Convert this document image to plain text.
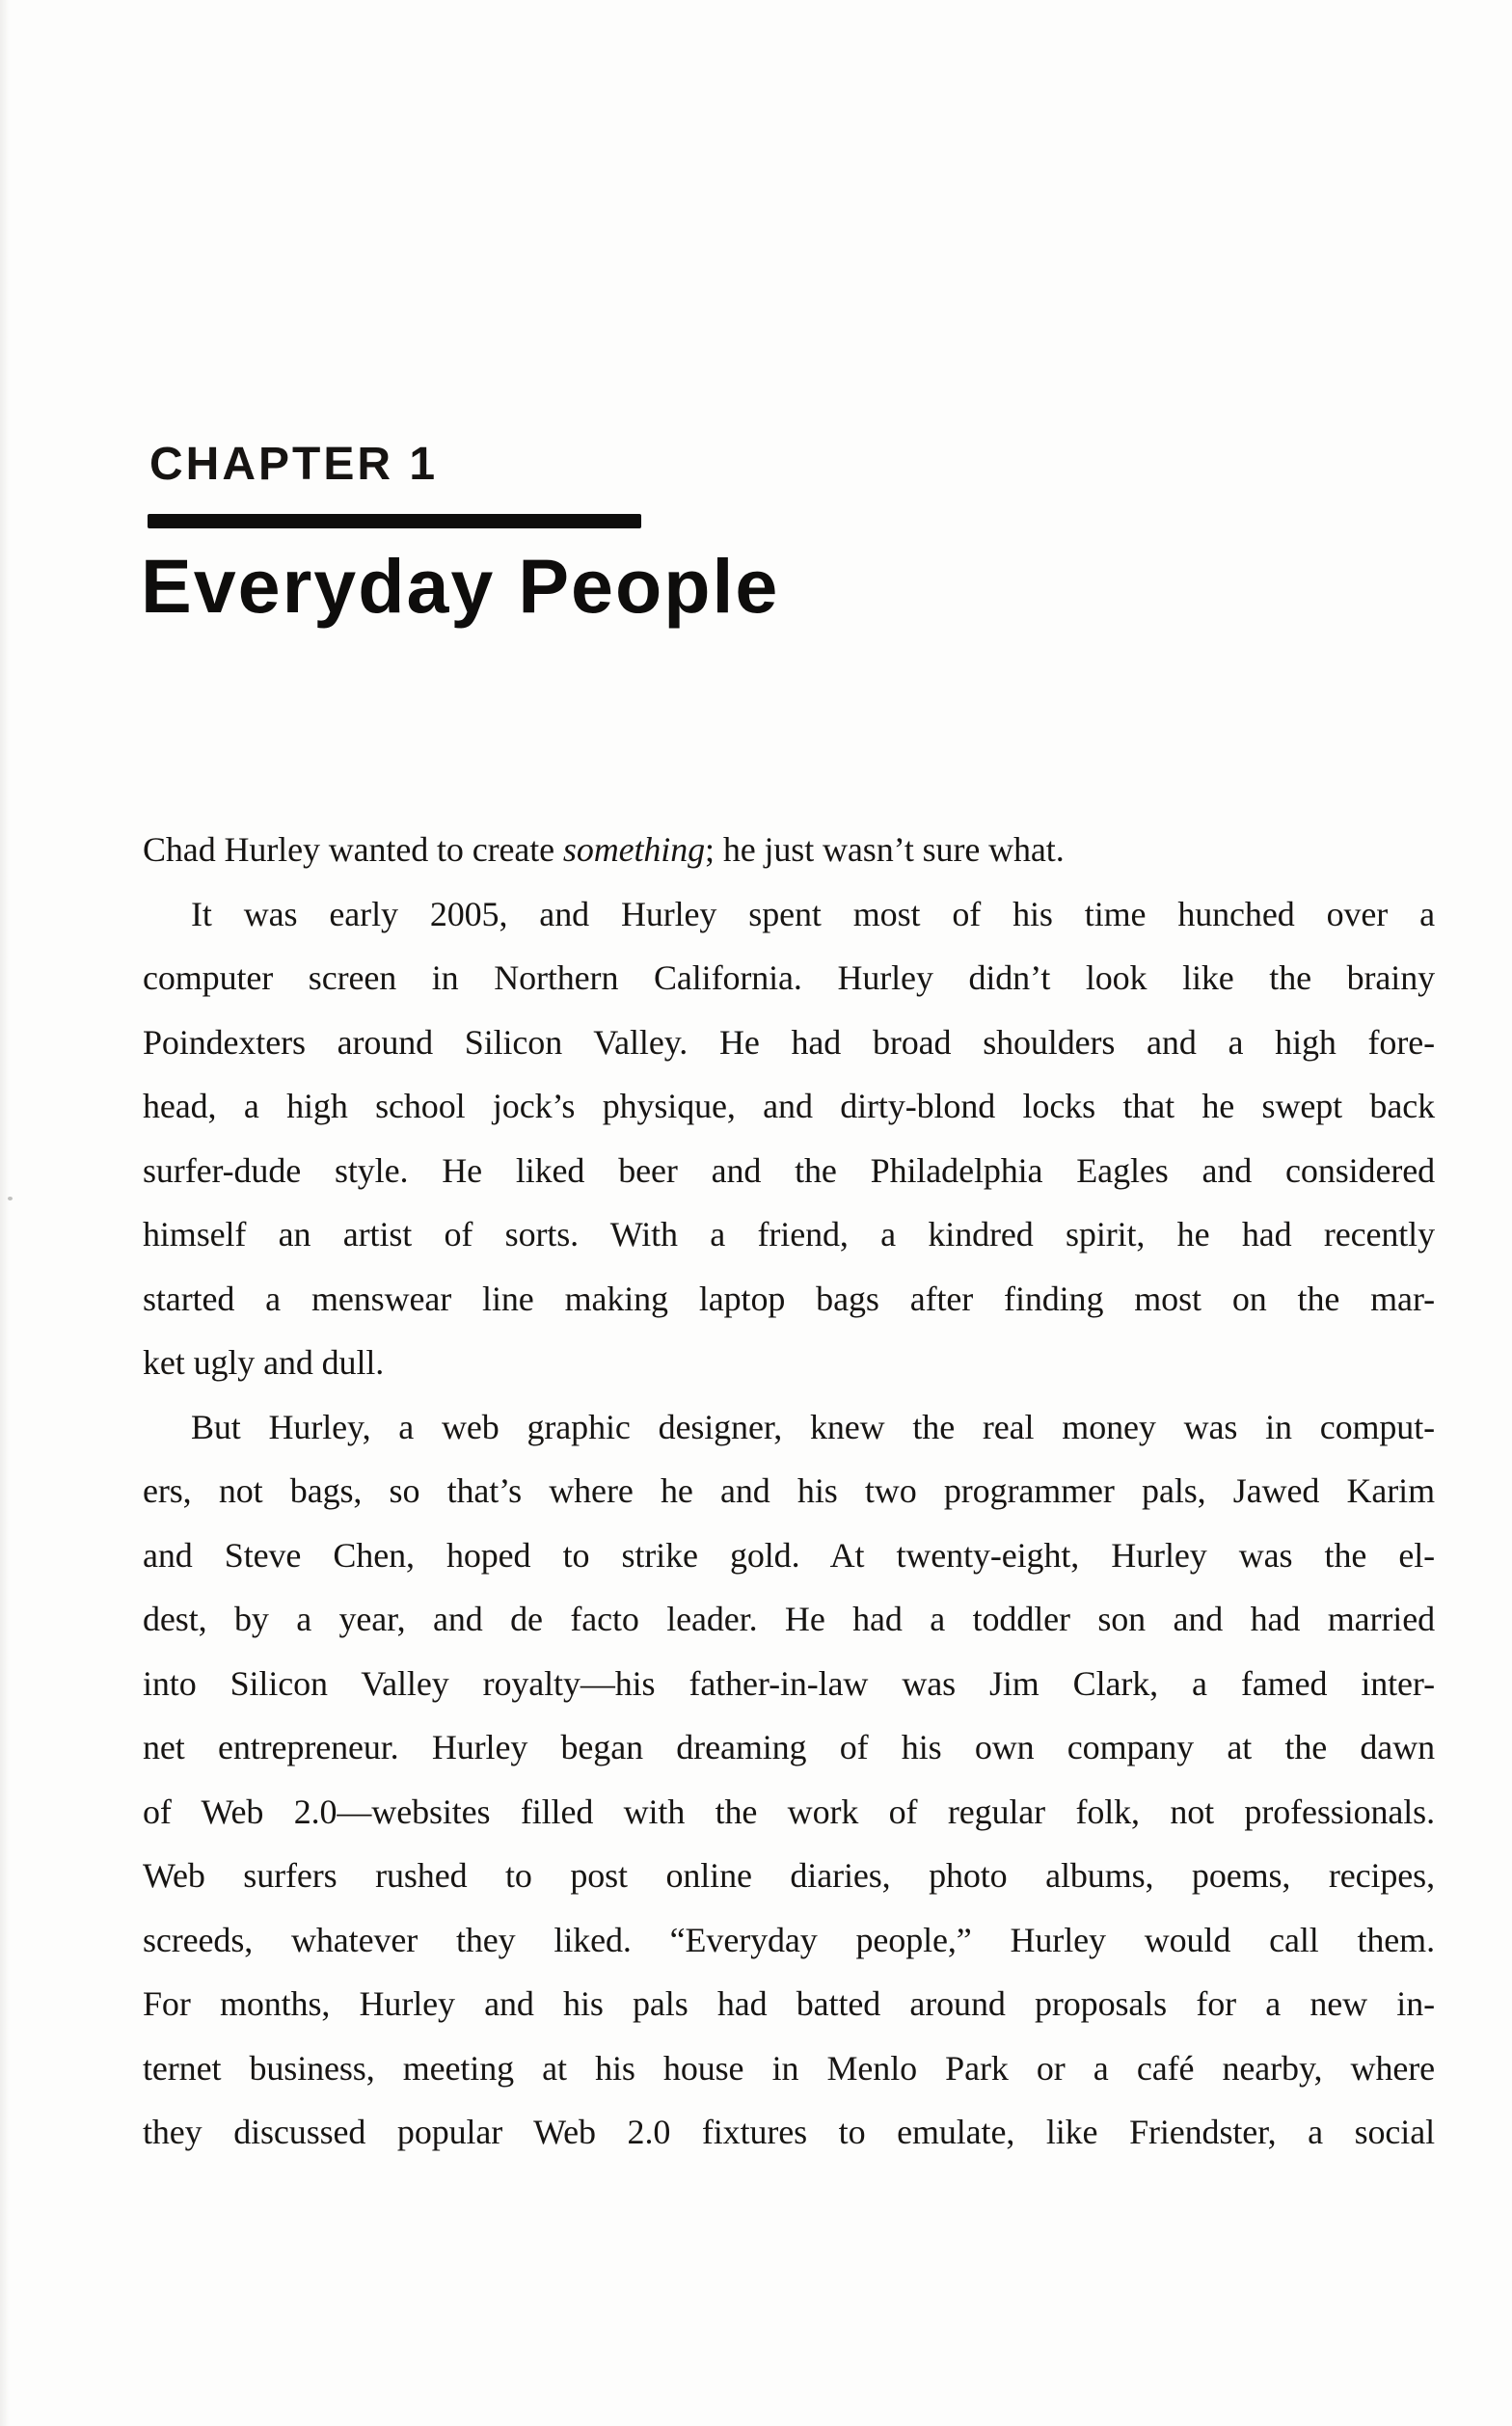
CHAPTER 1
Everyday People
Chad Hurley wanted to create something; he just wasn’t sure what.
It was early 2005, and Hurley spent most of his time hunched over a
computer screen in Northern California. Hurley didn’t look like the brainy
Poindexters around Silicon Valley. He had broad shoulders and a high fore-
head, a high school jock’s physique, and dirty-blond locks that he swept back
surfer-dude style. He liked beer and the Philadelphia Eagles and considered
himself an artist of sorts. With a friend, a kindred spirit, he had recently
started a menswear line making laptop bags after finding most on the mar-
ket ugly and dull.
But Hurley, a web graphic designer, knew the real money was in comput-
ers, not bags, so that’s where he and his two programmer pals, Jawed Karim
and Steve Chen, hoped to strike gold. At twenty-eight, Hurley was the el-
dest, by a year, and de facto leader. He had a toddler son and had married
into Silicon Valley royalty—his father-in-law was Jim Clark, a famed inter-
net entrepreneur. Hurley began dreaming of his own company at the dawn
of Web 2.0—websites filled with the work of regular folk, not professionals.
Web surfers rushed to post online diaries, photo albums, poems, recipes,
screeds, whatever they liked. “Everyday people,” Hurley would call them.
For months, Hurley and his pals had batted around proposals for a new in-
ternet business, meeting at his house in Menlo Park or a café nearby, where
they discussed popular Web 2.0 fixtures to emulate, like Friendster, a social
